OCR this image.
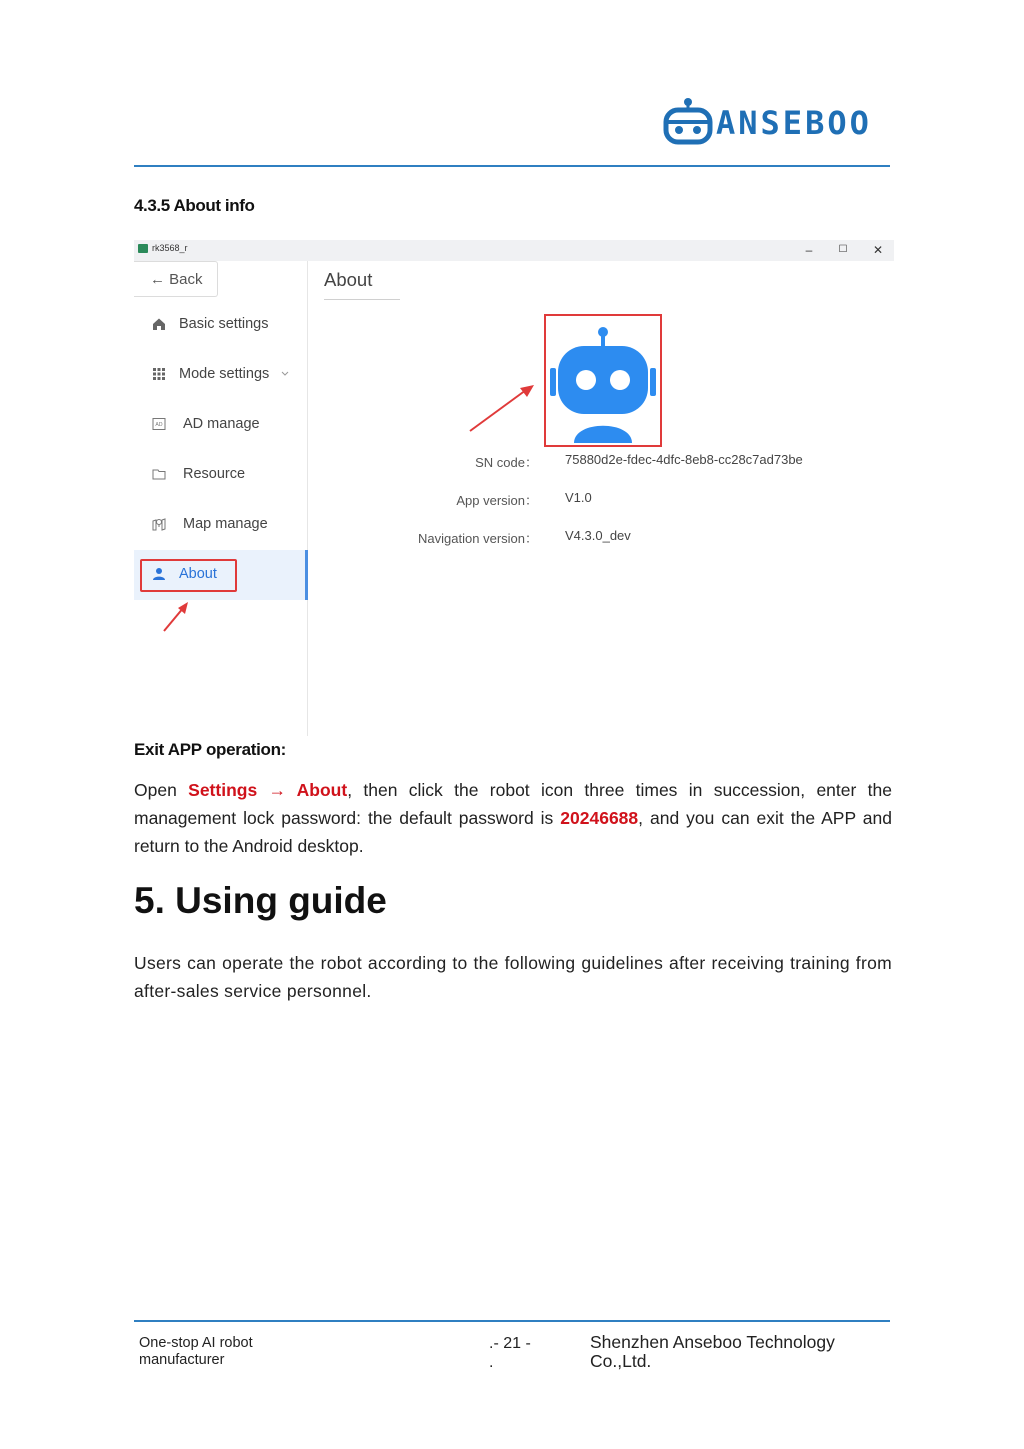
ANSEBOO
4.3.5 About info
rk3568_r	–	☐	✕
← Back
Basic settings
Mode settings
AD AD manage
Resource
Map manage
About
About
SN code： 75880d2e-fdec-4dfc-8eb8-cc28c7ad73be
App version： V1.0
Navigation version： V4.3.0_dev
Exit APP operation:
Open Settings → About, then click the robot icon three times in succession, enter the management lock password: the default password is 20246688, and you can exit the APP and return to the Android desktop.
5. Using guide
Users can operate the robot according to the following guidelines after receiving training from after-sales service personnel.
One-stop AI robot
manufacturer
.- 21 -
.
Shenzhen Anseboo Technology Co.,Ltd.
